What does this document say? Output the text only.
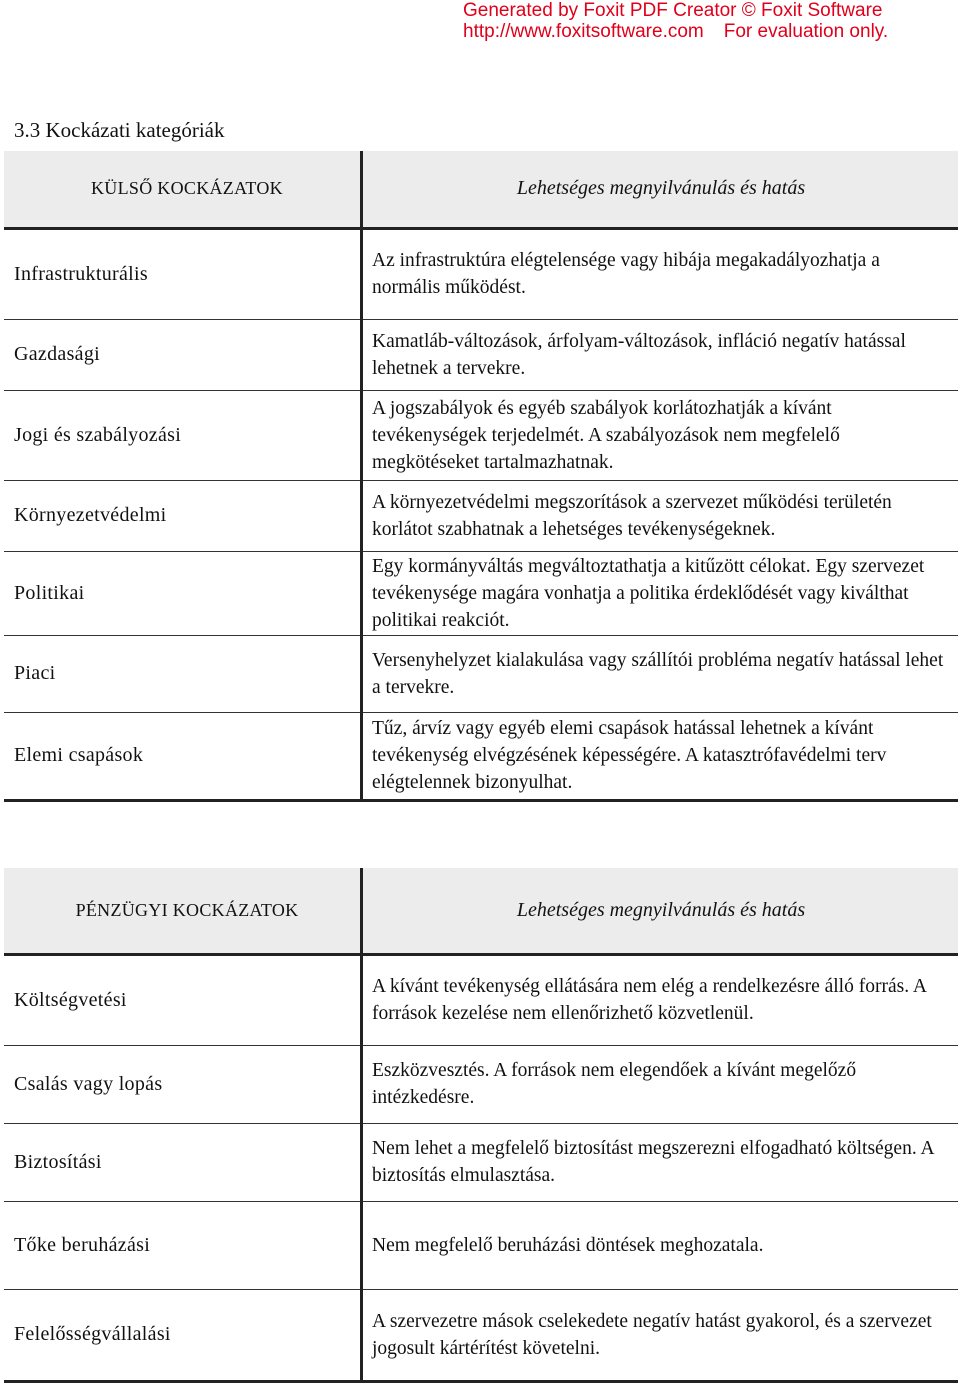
Generated by Foxit PDF Creator © Foxit Software
http://www.foxitsoftware.com For evaluation only.
3.3 Kockázati kategóriák
KÜLSŐ KOCKÁZATOK	Lehetséges megnyilvánulás és hatás
Infrastrukturális	Az infrastruktúra elégtelensége vagy hibája megakadályozhatja a normális működést.
Gazdasági	Kamatláb-változások, árfolyam-változások, infláció negatív hatással lehetnek a tervekre.
Jogi és szabályozási	A jogszabályok és egyéb szabályok korlátozhatják a kívánt tevékenységek terjedelmét. A szabályozások nem megfelelő megkötéseket tartalmazhatnak.
Környezetvédelmi	A környezetvédelmi megszorítások a szervezet működési területén korlátot szabhatnak a lehetséges tevékenységeknek.
Politikai	Egy kormányváltás megváltoztathatja a kitűzött célokat. Egy szervezet tevékenysége magára vonhatja a politika érdeklődését vagy kiválthat politikai reakciót.
Piaci	Versenyhelyzet kialakulása vagy szállítói probléma negatív hatással lehet a tervekre.
Elemi csapások	Tűz, árvíz vagy egyéb elemi csapások hatással lehetnek a kívánt tevékenység elvégzésének képességére. A katasztrófavédelmi terv elégtelennek bizonyulhat.
PÉNZÜGYI KOCKÁZATOK	Lehetséges megnyilvánulás és hatás
Költségvetési	A kívánt tevékenység ellátására nem elég a rendelkezésre álló forrás. A források kezelése nem ellenőrizhető közvetlenül.
Csalás vagy lopás	Eszközvesztés. A források nem elegendőek a kívánt megelőző intézkedésre.
Biztosítási	Nem lehet a megfelelő biztosítást megszerezni elfogadható költségen. A biztosítás elmulasztása.
Tőke beruházási	Nem megfelelő beruházási döntések meghozatala.
Felelősségvállalási	A szervezetre mások cselekedete negatív hatást gyakorol, és a szervezet jogosult kártérítést követelni.
